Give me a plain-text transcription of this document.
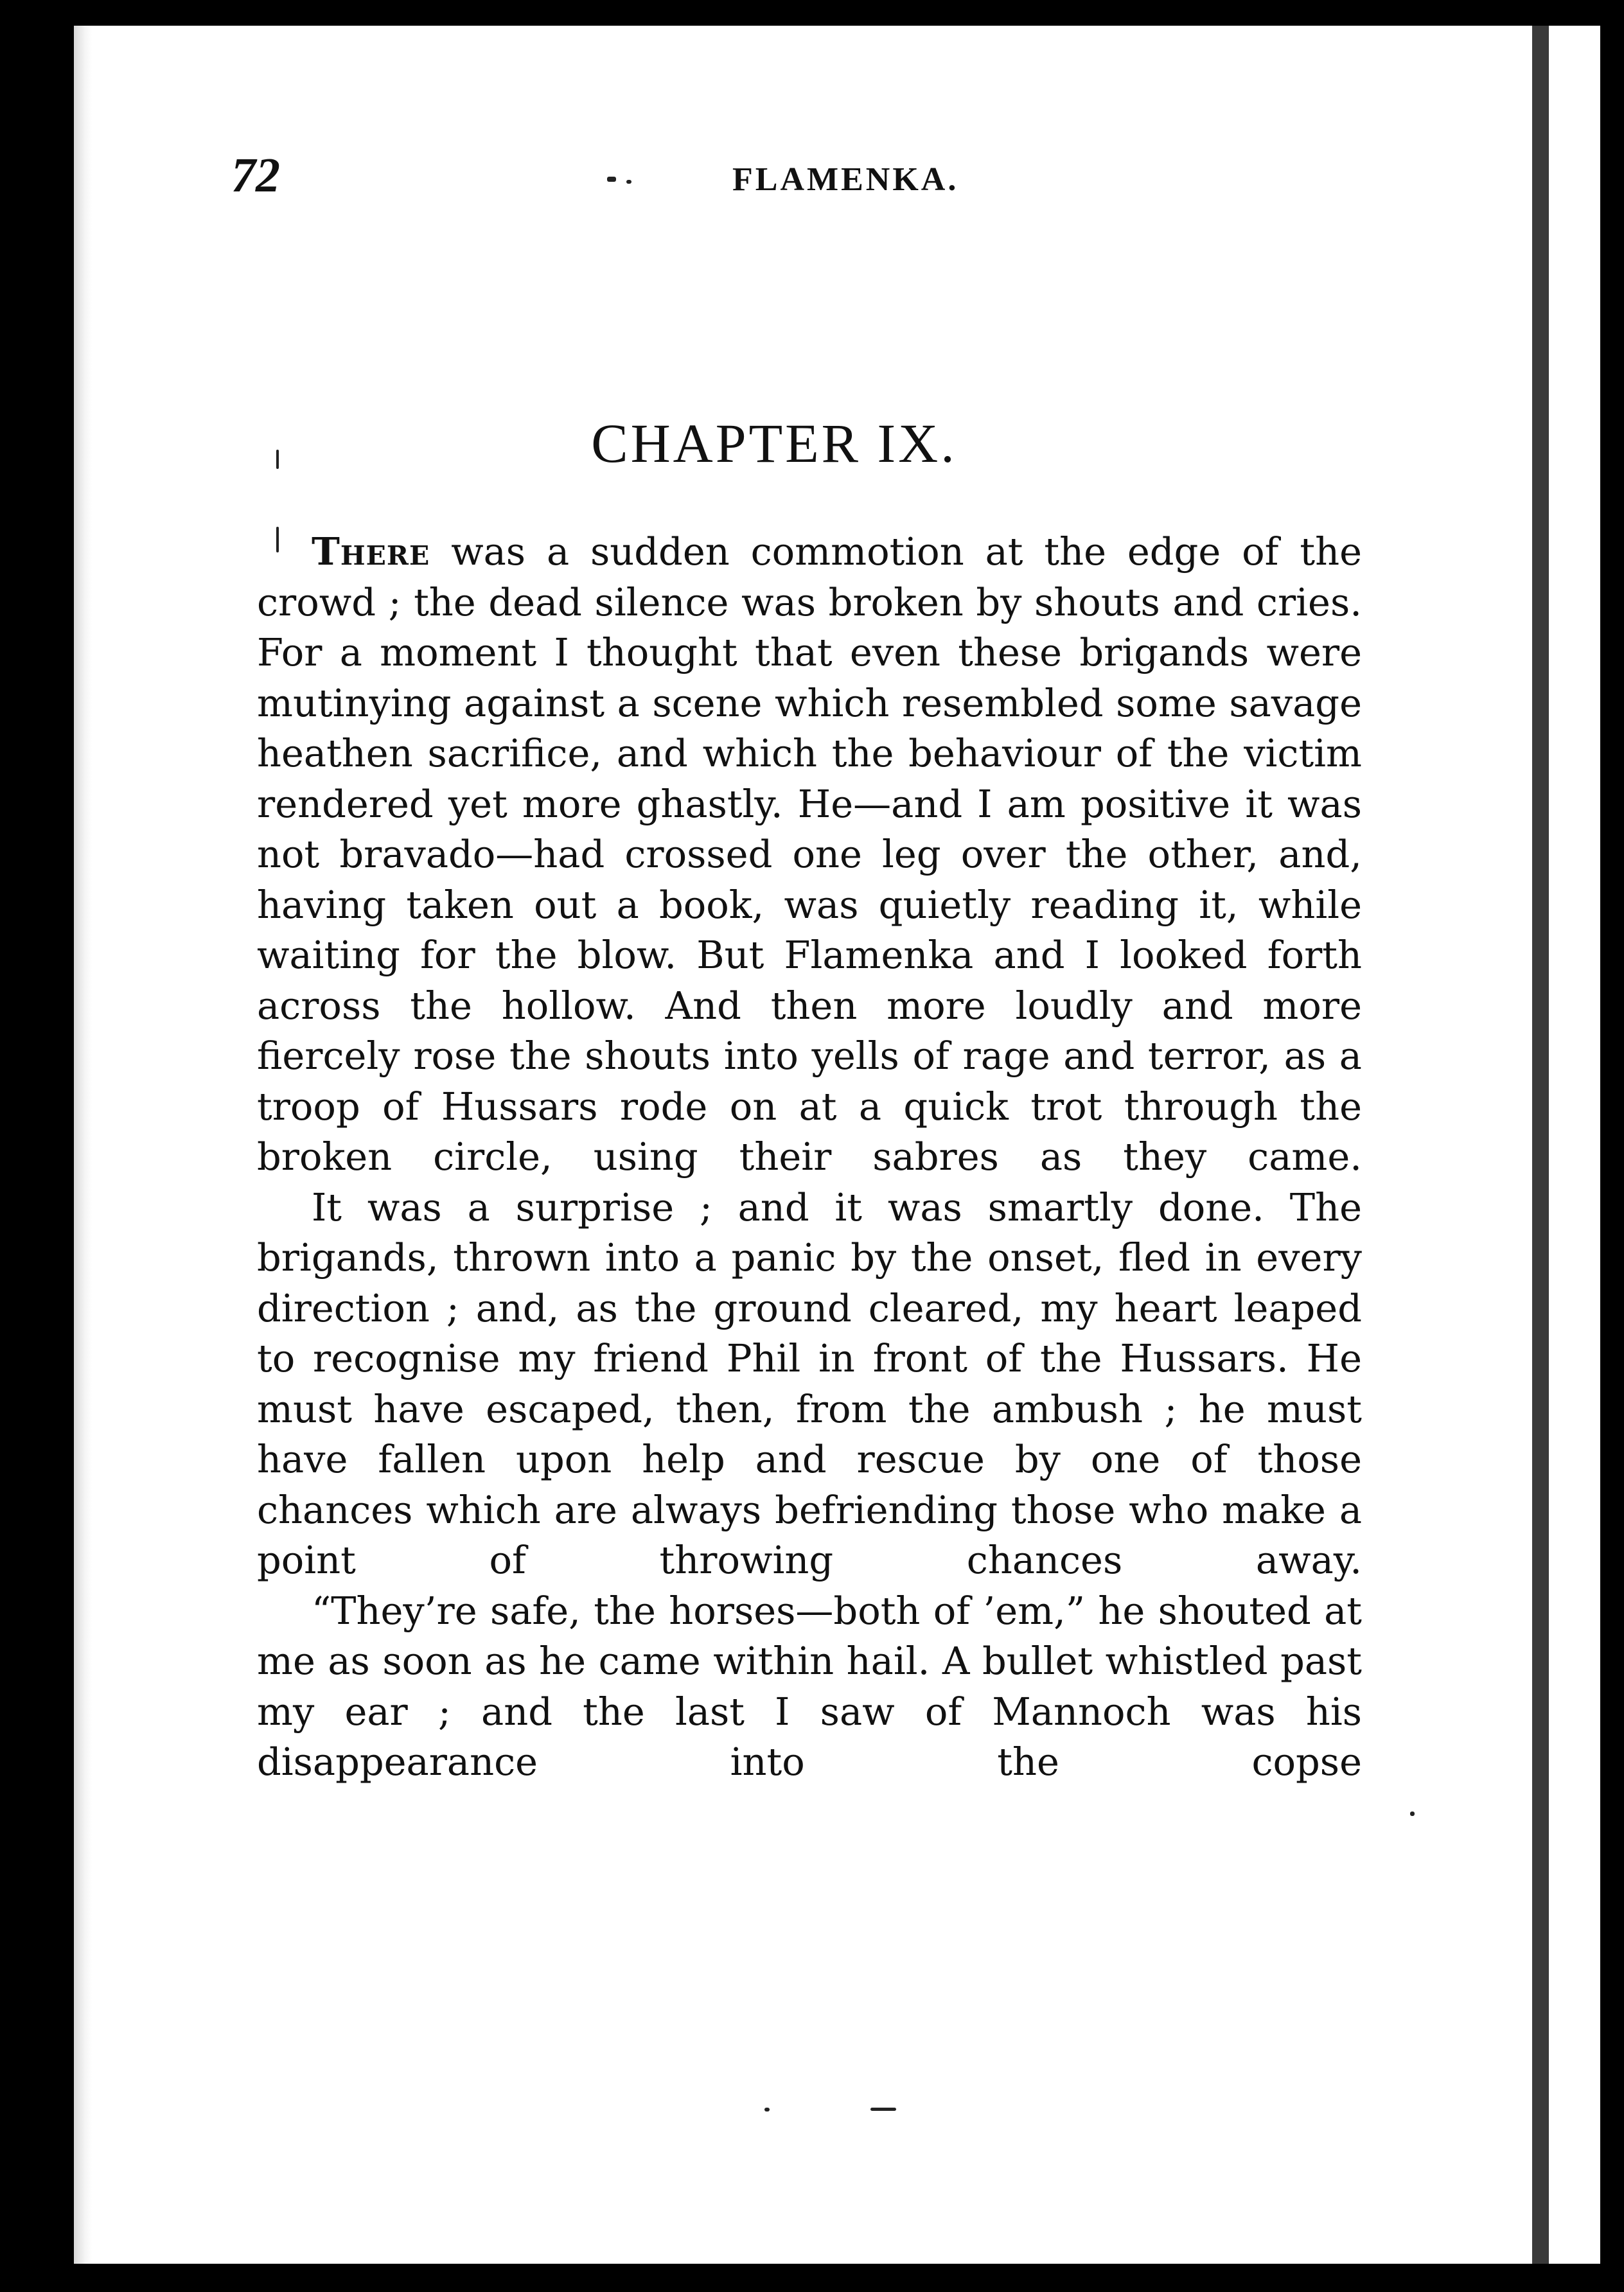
72	FLAMENKA.
CHAPTER IX.

There was a sudden commotion at the edge of the crowd ; the dead silence was broken by shouts and cries. For a moment I thought that even these brigands were mutinying against a scene which resembled some savage heathen sacrifice, and which the behaviour of the victim rendered yet more ghastly. He—and I am positive it was not bravado—had crossed one leg over the other, and, having taken out a book, was quietly reading it, while waiting for the blow. But Flamenka and I looked forth across the hollow. And then more loudly and more fiercely rose the shouts into yells of rage and terror, as a troop of Hussars rode on at a quick trot through the broken circle, using their sabres as they came.

It was a surprise ; and it was smartly done. The brigands, thrown into a panic by the onset, fled in every direction ; and, as the ground cleared, my heart leaped to recognise my friend Phil in front of the Hussars. He must have escaped, then, from the ambush ; he must have fallen upon help and rescue by one of those chances which are always befriending those who make a point of throwing chances away.

“They’re safe, the horses—both of ’em,” he shouted at me as soon as he came within hail. A bullet whistled past my ear ; and the last I saw of Mannoch was his disappearance into the copse
